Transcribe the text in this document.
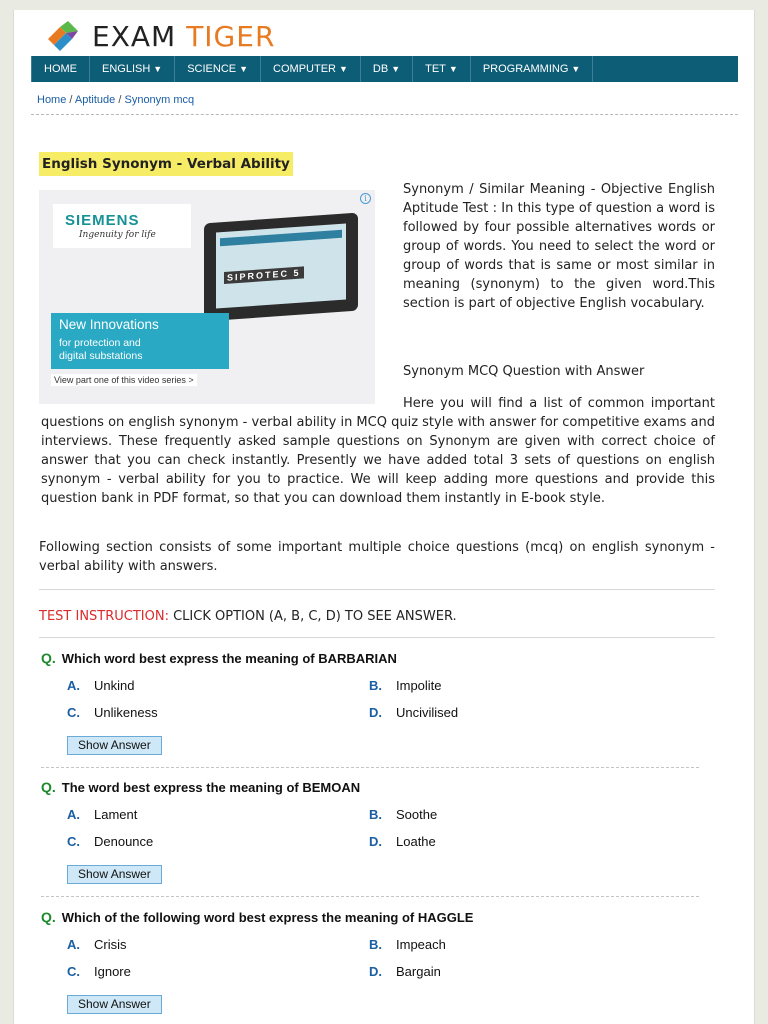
EXAM TIGER
HOME	ENGLISH ▼	SCIENCE ▼	COMPUTER ▼	DB ▼	TET ▼	PROGRAMMING ▼
Home / Aptitude / Synonym mcq
English Synonym - Verbal Ability
i
SIEMENS
Ingenuity for life
SIPROTEC 5
New Innovations
for protection and
digital substations
View part one of this video series >
Synonym / Similar Meaning - Objective English Aptitude Test : In this type of question a word is followed by four possible alternatives words or group of words. You need to select the word or group of words that is same or most similar in meaning (synonym) to the given word.This section is part of objective English vocabulary.
Synonym MCQ Question with Answer
Here you will find a list of common important questions on english synonym - verbal ability in MCQ quiz style with answer for competitive exams and interviews. These frequently asked sample questions on Synonym are given with correct choice of answer that you can check instantly. Presently we have added total 3 sets of questions on english synonym - verbal ability for you to practice. We will keep adding more questions and provide this question bank in PDF format, so that you can download them instantly in E-book style.
Following section consists of some important multiple choice questions (mcq) on english synonym - verbal ability with answers.
TEST INSTRUCTION: CLICK OPTION (A, B, C, D) TO SEE ANSWER.
Q. Which word best express the meaning of BARBARIAN
A. Unkind	B. Impolite
C. Unlikeness	D. Uncivilised
Show Answer
Q. The word best express the meaning of BEMOAN
A. Lament	B. Soothe
C. Denounce	D. Loathe
Show Answer
Q. Which of the following word best express the meaning of HAGGLE
A. Crisis	B. Impeach
C. Ignore	D. Bargain
Show Answer
